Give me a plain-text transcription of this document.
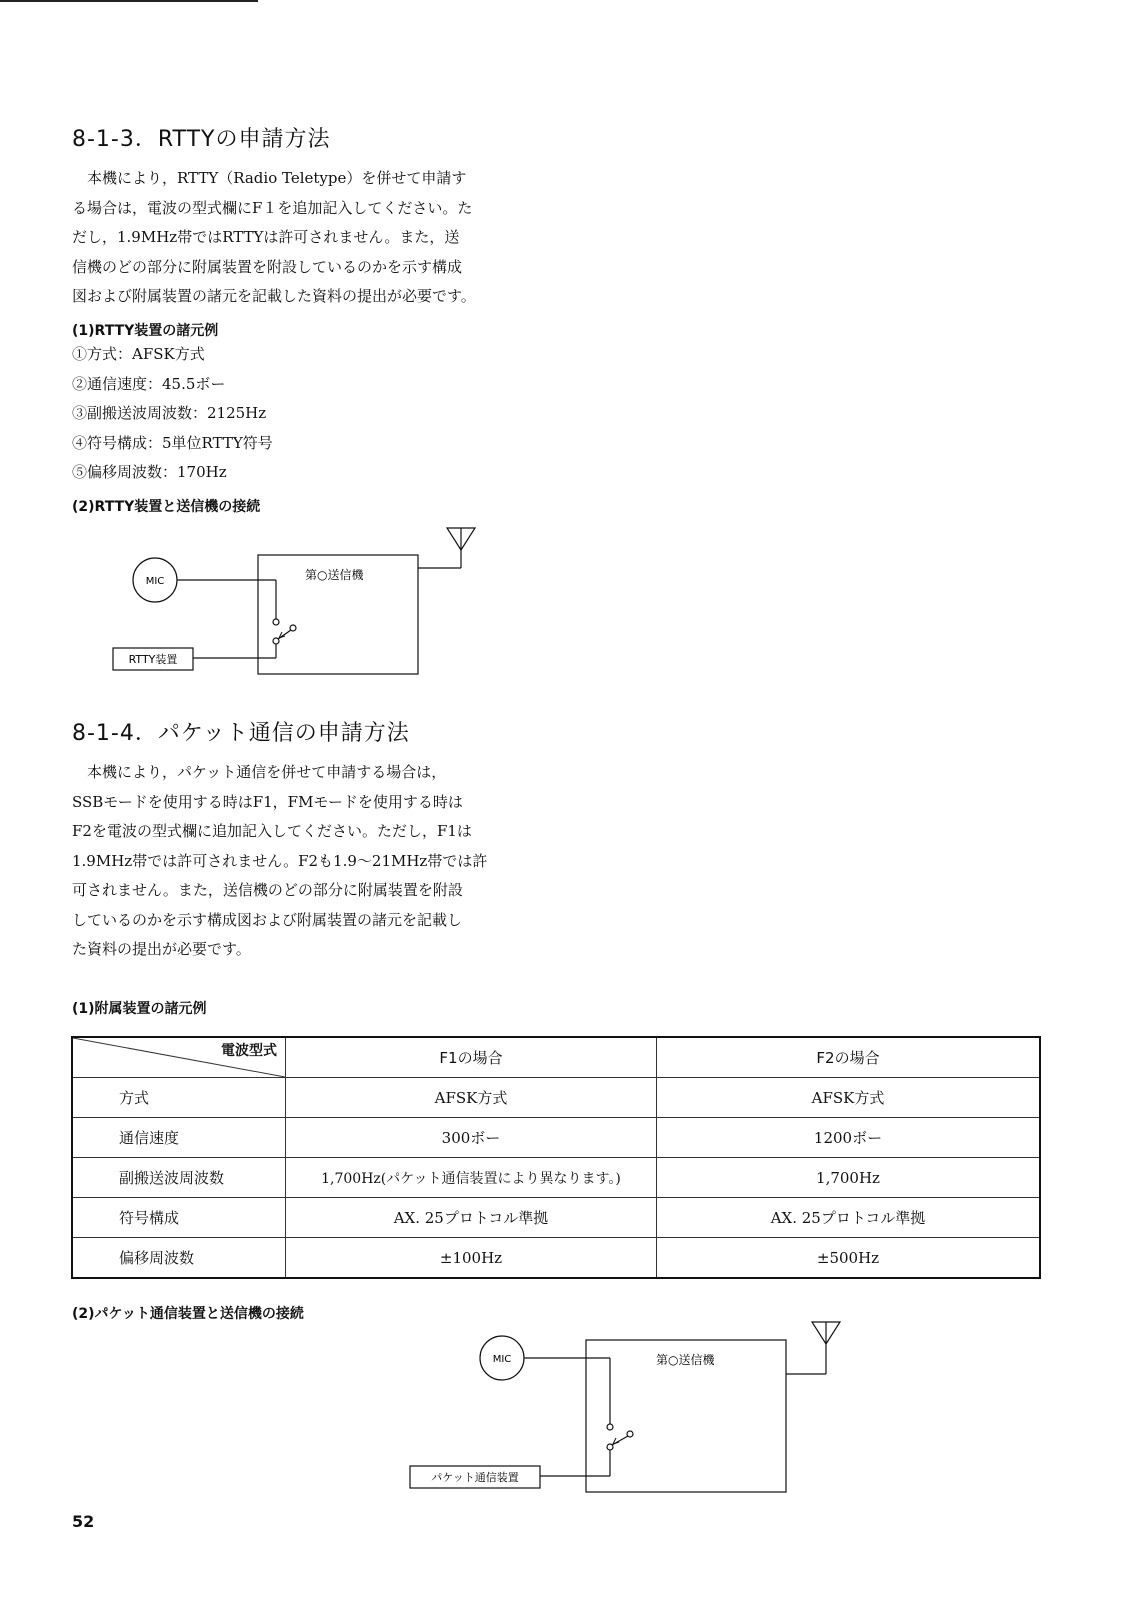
8-1-3．RTTYの申請方法

　本機により，RTTY（Radio Teletype）を併せて申請す

る場合は，電波の型式欄にF１を追加記入してください。た

だし，1.9MHz帯ではRTTYは許可されません。また，送

信機のどの部分に附属装置を附設しているのかを示す構成

図および附属装置の諸元を記載した資料の提出が必要です。

(1)RTTY装置の諸元例
①方式：AFSK方式
②通信速度：45.5ボー
③副搬送波周波数：2125Hz
④符号構成：5単位RTTY符号
⑤偏移周波数：170Hz
(2)RTTY装置と送信機の接続
第○送信機
MIC
RTTY装置
8-1-4．パケット通信の申請方法

　本機により，パケット通信を併せて申請する場合は，

SSBモードを使用する時はF1，FMモードを使用する時は

F2を電波の型式欄に追加記入してください。ただし，F1は

1.9MHz帯では許可されません。F2も1.9～21MHz帯では許

可されません。また，送信機のどの部分に附属装置を附設

しているのかを示す構成図および附属装置の諸元を記載し

た資料の提出が必要です。

(1)附属装置の諸元例
電波型式	F1の場合	F2の場合
方式	AFSK方式	AFSK方式
通信速度	300ボー	1200ボー
副搬送波周波数	1,700Hz(パケット通信装置により異なります。)	1,700Hz
符号構成	AX. 25プロトコル準拠	AX. 25プロトコル準拠
偏移周波数	±100Hz	±500Hz
(2)パケット通信装置と送信機の接続
第○送信機
MIC
パケット通信装置
52
